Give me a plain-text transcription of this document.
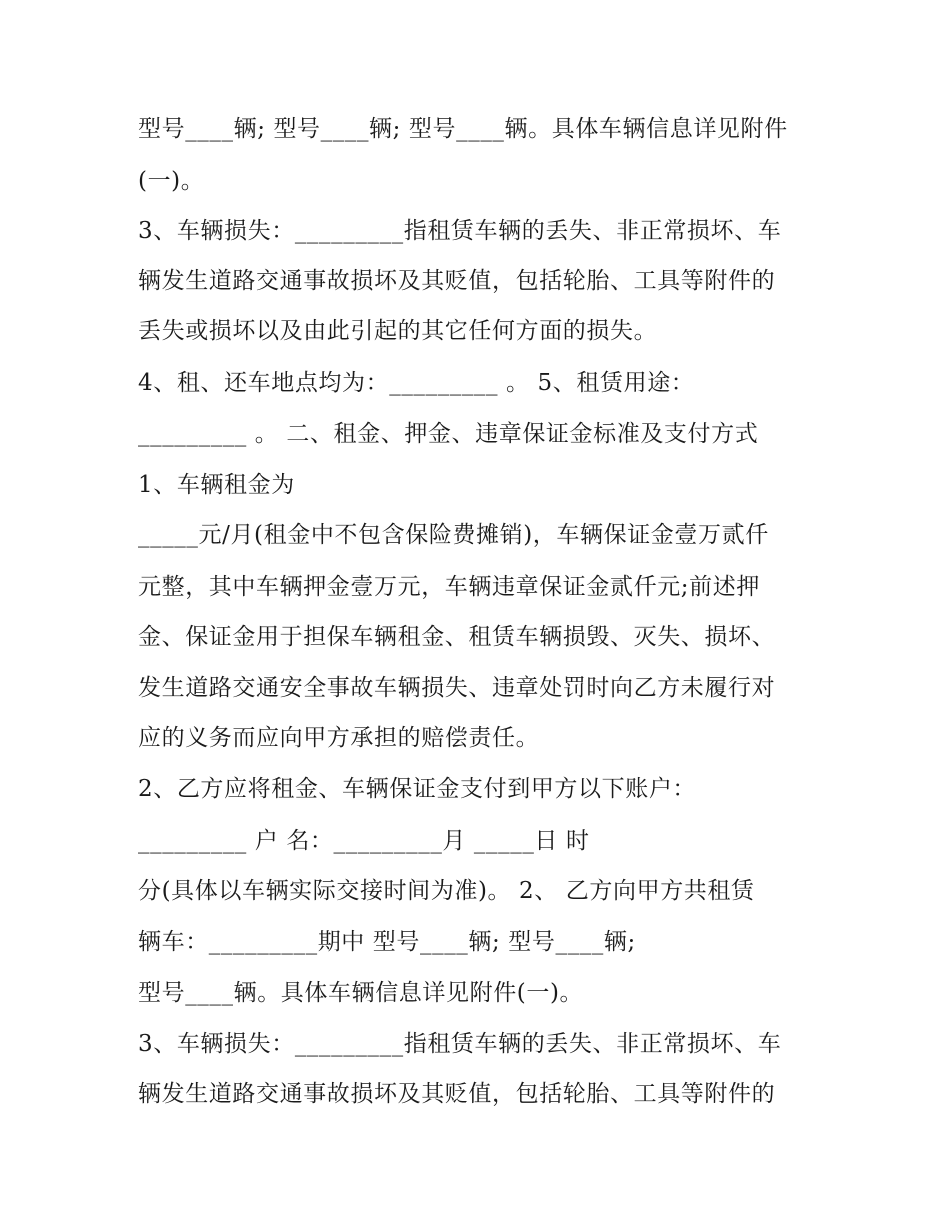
型号____辆; 型号____辆; 型号____辆。具体车辆信息详见附件
(一)。
3、车辆损失：_________指租赁车辆的丢失、非正常损坏、车
辆发生道路交通事故损坏及其贬值，包括轮胎、工具等附件的
丢失或损坏以及由此引起的其它任何方面的损失。
4、租、还车地点均为：_________ 。 5、租赁用途：
_________ 。 二、租金、押金、违章保证金标准及支付方式
1、车辆租金为
_____元/月(租金中不包含保险费摊销)，车辆保证金壹万贰仟
元整，其中车辆押金壹万元，车辆违章保证金贰仟元;前述押
金、保证金用于担保车辆租金、租赁车辆损毁、灭失、损坏、
发生道路交通安全事故车辆损失、违章处罚时向乙方未履行对
应的义务而应向甲方承担的赔偿责任。
2、乙方应将租金、车辆保证金支付到甲方以下账户：
_________ 户 名：_________月 _____日 时
分(具体以车辆实际交接时间为准)。 2、 乙方向甲方共租赁
辆车：_________期中 型号____辆; 型号____辆;
型号____辆。具体车辆信息详见附件(一)。
3、车辆损失：_________指租赁车辆的丢失、非正常损坏、车
辆发生道路交通事故损坏及其贬值，包括轮胎、工具等附件的
